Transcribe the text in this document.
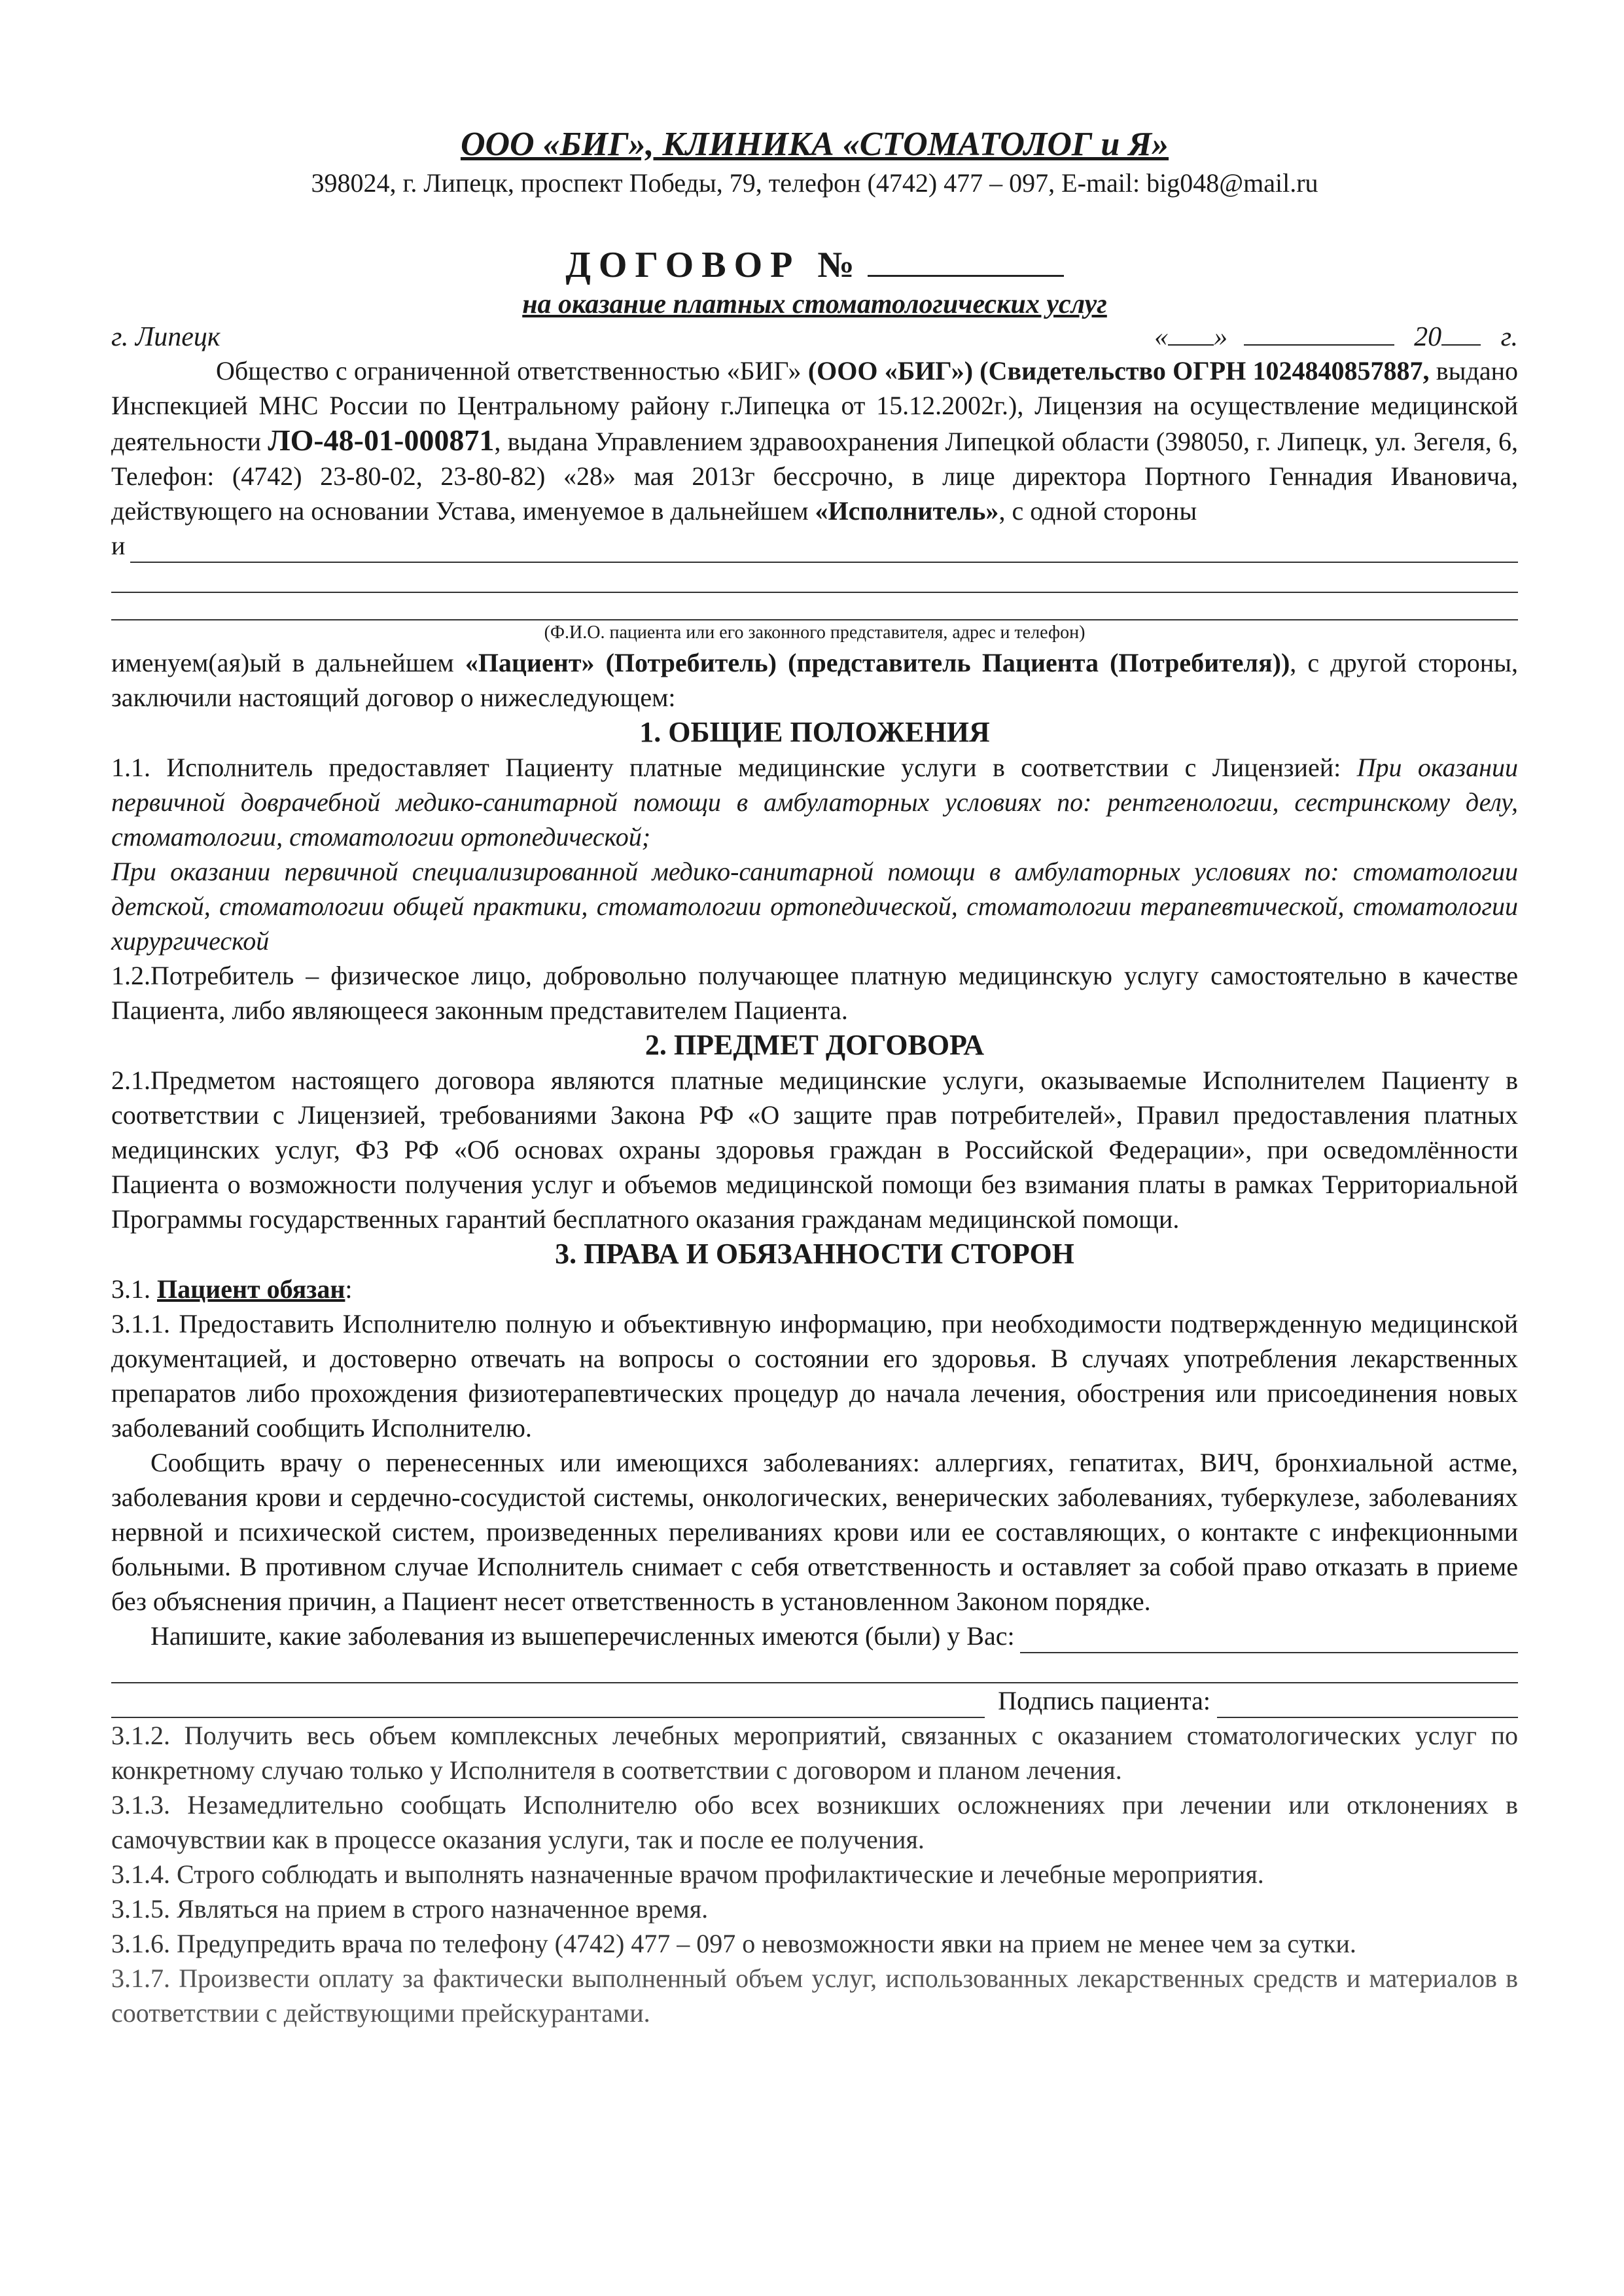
ООО «БИГ», КЛИНИКА «СТОМАТОЛОГ и Я»
398024, г. Липецк, проспект Победы, 79, телефон (4742) 477 – 097, E-mail: big048@mail.ru
ДОГОВОР №
на оказание платных стоматологических услуг
г. Липецк	« »	20 г.

Общество с ограниченной ответственностью «БИГ» (ООО «БИГ») (Свидетельство ОГРН 1024840857887, выдано Инспекцией МНС России по Центральному району г.Липецка от 15.12.2002г.), Лицензия на осуществление медицинской деятельности ЛО-48-01-000871, выдана Управлением здравоохранения Липецкой области (398050, г. Липецк, ул. Зегеля, 6, Телефон: (4742) 23-80-02, 23-80-82) «28» мая 2013г бессрочно, в лице директора Портного Геннадия Ивановича, действующего на основании Устава, именуемое в дальнейшем «Исполнитель», с одной стороны

и
(Ф.И.О. пациента или его законного представителя, адрес и телефон)

именуем(ая)ый в дальнейшем «Пациент» (Потребитель) (представитель Пациента (Потребителя)), с другой стороны, заключили настоящий договор о нижеследующем:

1. ОБЩИЕ ПОЛОЖЕНИЯ

1.1. Исполнитель предоставляет Пациенту платные медицинские услуги в соответствии с Лицензией: При оказании первичной доврачебной медико-санитарной помощи в амбулаторных условиях по: рентгенологии, сестринскому делу, стоматологии, стоматологии ортопедической;

При оказании первичной специализированной медико-санитарной помощи в амбулаторных условиях по: стоматологии детской, стоматологии общей практики, стоматологии ортопедической, стоматологии терапевтической, стоматологии хирургической

1.2.Потребитель – физическое лицо, добровольно получающее платную медицинскую услугу самостоятельно в качестве Пациента, либо являющееся законным представителем Пациента.

2. ПРЕДМЕТ ДОГОВОРА

2.1.Предметом настоящего договора являются платные медицинские услуги, оказываемые Исполнителем Пациенту в соответствии с Лицензией, требованиями Закона РФ «О защите прав потребителей», Правил предоставления платных медицинских услуг, ФЗ РФ «Об основах охраны здоровья граждан в Российской Федерации», при осведомлённости Пациента о возможности получения услуг и объемов медицинской помощи без взимания платы в рамках Территориальной Программы государственных гарантий бесплатного оказания гражданам медицинской помощи.

3. ПРАВА И ОБЯЗАННОСТИ СТОРОН

3.1. Пациент обязан:

3.1.1. Предоставить Исполнителю полную и объективную информацию, при необходимости подтвержденную медицинской документацией, и достоверно отвечать на вопросы о состоянии его здоровья. В случаях употребления лекарственных препаратов либо прохождения физиотерапевтических процедур до начала лечения, обострения или присоединения новых заболеваний сообщить Исполнителю.

Сообщить врачу о перенесенных или имеющихся заболеваниях: аллергиях, гепатитах, ВИЧ, бронхиальной астме, заболевания крови и сердечно-сосудистой системы, онкологических, венерических заболеваниях, туберкулезе, заболеваниях нервной и психической систем, произведенных переливаниях крови или ее составляющих, о контакте с инфекционными больными. В противном случае Исполнитель снимает с себя ответственность и оставляет за собой право отказать в приеме без объяснения причин, а Пациент несет ответственность в установленном Законом порядке.

Напишите, какие заболевания из вышеперечисленных имеются (были) у Вас:
Подпись пациента:

3.1.2. Получить весь объем комплексных лечебных мероприятий, связанных с оказанием стоматологических услуг по конкретному случаю только у Исполнителя в соответствии с договором и планом лечения.

3.1.3. Незамедлительно сообщать Исполнителю обо всех возникших осложнениях при лечении или отклонениях в самочувствии как в процессе оказания услуги, так и после ее получения.

3.1.4. Строго соблюдать и выполнять назначенные врачом профилактические и лечебные мероприятия.

3.1.5. Являться на прием в строго назначенное время.

3.1.6. Предупредить врача по телефону (4742) 477 – 097 о невозможности явки на прием не менее чем за сутки.

3.1.7. Произвести оплату за фактически выполненный объем услуг, использованных лекарственных средств и материалов в соответствии с действующими прейскурантами.
